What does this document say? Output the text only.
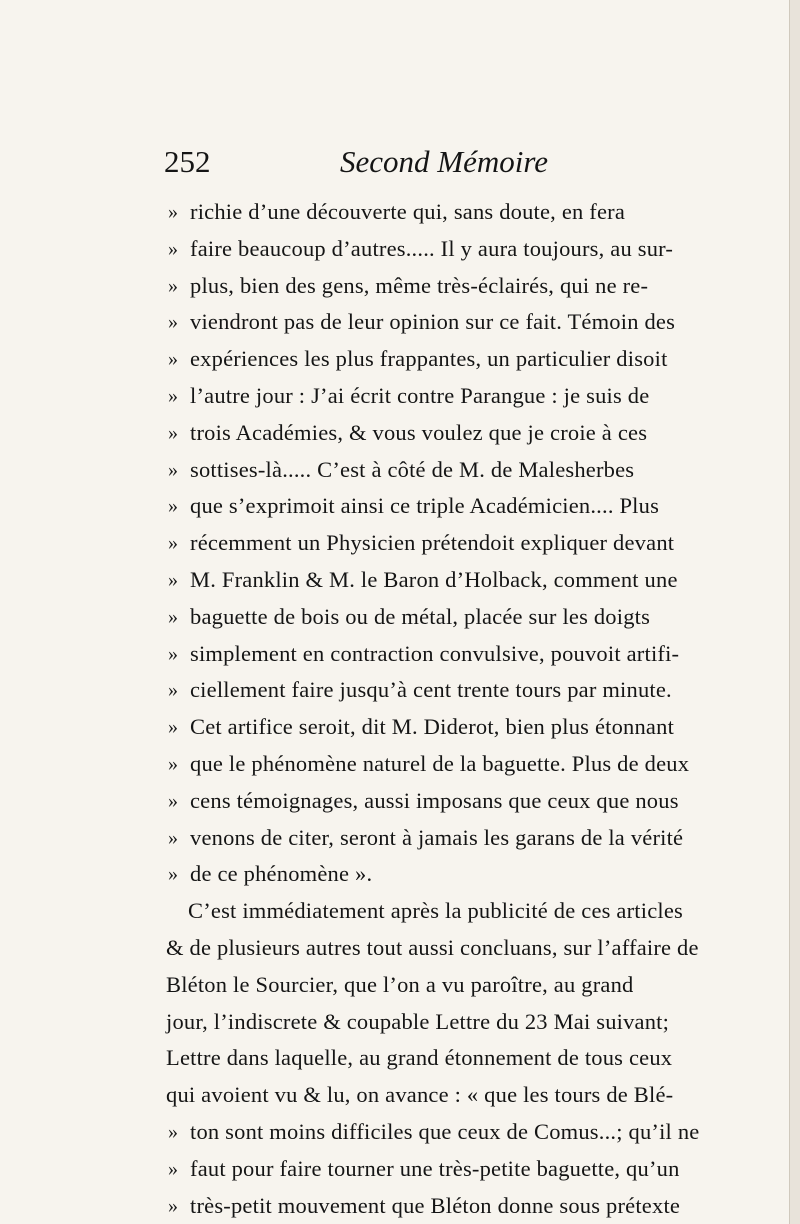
252	Second Mémoire
» richie d’une découverte qui, sans doute, en fera
» faire beaucoup d’autres..... Il y aura toujours, au sur-
» plus, bien des gens, même très-éclairés, qui ne re-
» viendront pas de leur opinion sur ce fait. Témoin des
» expériences les plus frappantes, un particulier disoit
» l’autre jour : J’ai écrit contre Parangue : je suis de
» trois Académies, & vous voulez que je croie à ces
» sottises-là..... C’est à côté de M. de Malesherbes
» que s’exprimoit ainsi ce triple Académicien.... Plus
» récemment un Physicien prétendoit expliquer devant
» M. Franklin & M. le Baron d’Holback, comment une
» baguette de bois ou de métal, placée sur les doigts
» simplement en contraction convulsive, pouvoit artifi-
» ciellement faire jusqu’à cent trente tours par minute.
» Cet artifice seroit, dit M. Diderot, bien plus étonnant
» que le phénomène naturel de la baguette. Plus de deux
» cens témoignages, aussi imposans que ceux que nous
» venons de citer, seront à jamais les garans de la vérité
» de ce phénomène ».
C’est immédiatement après la publicité de ces articles
& de plusieurs autres tout aussi concluans, sur l’affaire de
Bléton le Sourcier, que l’on a vu paroître, au grand
jour, l’indiscrete & coupable Lettre du 23 Mai suivant;
Lettre dans laquelle, au grand étonnement de tous ceux
qui avoient vu & lu, on avance : « que les tours de Blé-
» ton sont moins difficiles que ceux de Comus...; qu’il ne
» faut pour faire tourner une très-petite baguette, qu’un
» très-petit mouvement que Bléton donne sous prétexte
